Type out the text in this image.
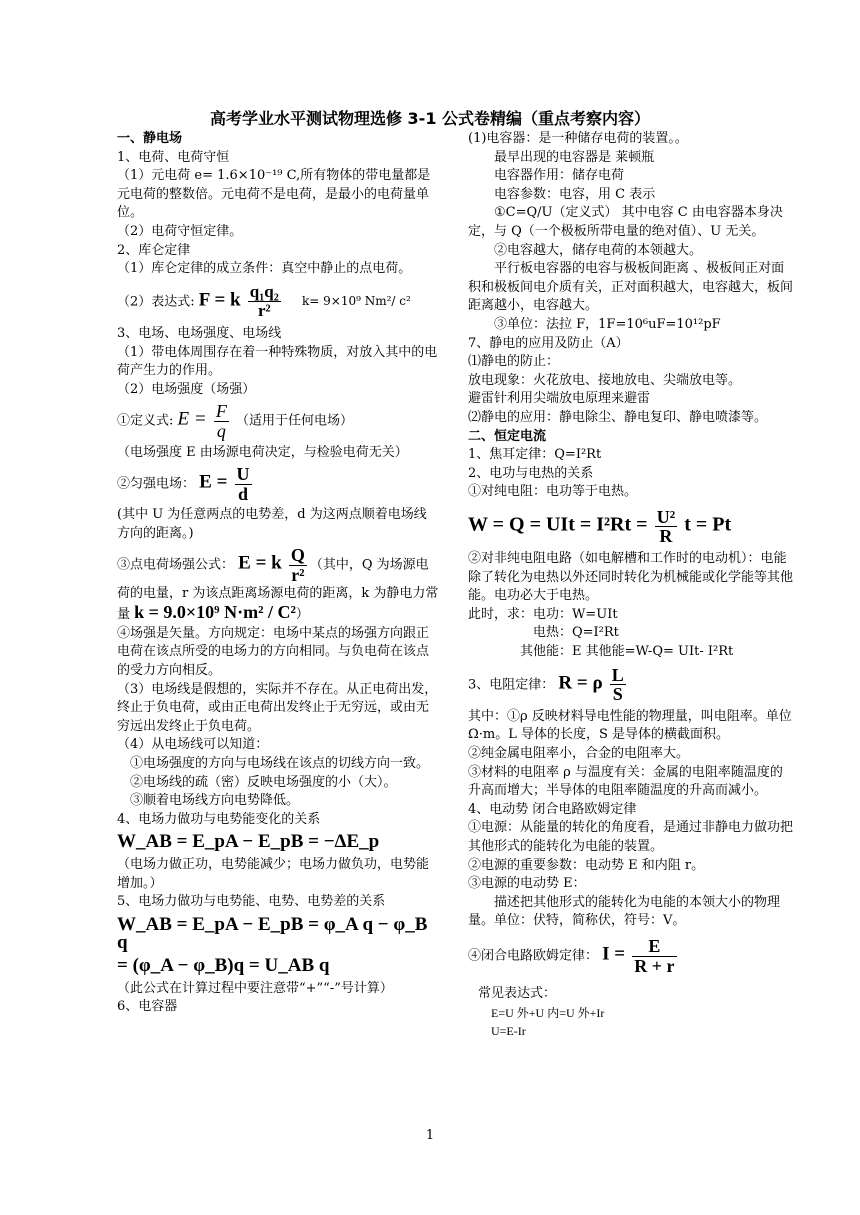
高考学业水平测试物理选修 3-1 公式卷精编（重点考察内容）
一、静电场
1、电荷、电荷守恒
（1）元电荷 e= 1.6×10⁻¹⁹ C,所有物体的带电量都是元电荷的整数倍。元电荷不是电荷，是最小的电荷量单位。
（2）电荷守恒定律。
2、库仑定律
（1）库仑定律的成立条件：真空中静止的点电荷。
（2）表达式: F = k $\frac{\text{q₁q₂}}{\text{r²}} k= 9\times 10^9$ Nm²/ c²
3、电场、电场强度、电场线
（1）带电体周围存在着一种特殊物质，对放入其中的电荷产生力的作用。
（2）电场强度（场强）
①定义式: $E = \frac{F}{q}$ （适用于任何电场）
（电场强度 E 由场源电荷决定，与检验电荷无关）
②匀强电场： $E = \frac{U}{d}$
(其中 U 为任意两点的电势差，d 为这两点顺着电场线方向的距离。)
③点电荷场强公式： E = k $\frac{Q}{\text{r²}}$ （其中，Q 为场源电荷的电量，r 为该点距离场源电荷的距离，k 为静电力常量 k = 9.0×10⁹ N·m² / C²）
④场强是矢量。方向规定：电场中某点的场强方向跟正电荷在该点所受的电场力的方向相同。与负电荷在该点的受力方向相反。
（3）电场线是假想的，实际并不存在。从正电荷出发，终止于负电荷，或由正电荷出发终止于无穷远，或由无穷远出发终止于负电荷。
（4）从电场线可以知道：
①电场强度的方向与电场线在该点的切线方向一致。
②电场线的疏（密）反映电场强度的小（大）。
③顺着电场线方向电势降低。
4、电场力做功与电势能变化的关系
W_AB = E_pA − E_pB = −ΔE_p
（电场力做正功，电势能减少；电场力做负功，电势能增加。）
5、电场力做功与电势能、电势、电势差的关系
W_AB = E_pA − E_pB = φ_A q − φ_B q
= (φ_A − φ_B)q = U_AB q
（此公式在计算过程中要注意带“+”“-”号计算）
6、电容器
(1)电容器：是一种储存电荷的装置。。
最早出现的电容器是 莱顿瓶
电容器作用：储存电荷
电容参数：电容，用 C 表示
①C=Q/U（定义式） 其中电容 C 由电容器本身决定，与 Q（一个极板所带电量的绝对值）、U 无关。
②电容越大，储存电荷的本领越大。
平行板电容器的电容与极板间距离 、极板间正对面积和极板间电介质有关，正对面积越大，电容越大，板间距离越小，电容越大。
③单位：法拉 F，1F=10⁶uF=10¹²pF
7、静电的应用及防止（A）
⑴静电的防止：
放电现象：火花放电、接地放电、尖端放电等。
避雷针利用尖端放电原理来避雷
⑵静电的应用：静电除尘、静电复印、静电喷漆等。
二、恒定电流
1、焦耳定律：Q=I²Rt
2、电功与电热的关系
①对纯电阻：电功等于电热。
W = Q = UIt = $I^2Rt = \frac{\text{U²}}{R}$ t = Pt
②对非纯电阻电路（如电解槽和工作时的电动机）：电能除了转化为电热以外还同时转化为机械能或化学能等其他能。电功必大于电热。
此时，求：电功：W=UIt
电热：Q=I²Rt
其他能：E 其他能=W-Q= UIt- I²Rt
3、电阻定律： R = ρ $\frac{L}{S}$
其中：①ρ 反映材料导电性能的物理量，叫电阻率。单位 Ω·m。L 导体的长度，S 是导体的横截面积。
②纯金属电阻率小，合金的电阻率大。
③材料的电阻率 ρ 与温度有关：金属的电阻率随温度的升高而增大；半导体的电阻率随温度的升高而减小。
4、电动势 闭合电路欧姆定律
①电源：从能量的转化的角度看，是通过非静电力做功把其他形式的能转化为电能的装置。
②电源的重要参数：电动势 E 和内阻 r。
③电源的电动势 E：
描述把其他形式的能转化为电能的本领大小的物理量。单位：伏特，简称伏，符号：V。
④闭合电路欧姆定律： $I = \frac{E}{R + r}$
常见表达式：
E=U 外+U 内=U 外+Ir
U=E-Ir
1
